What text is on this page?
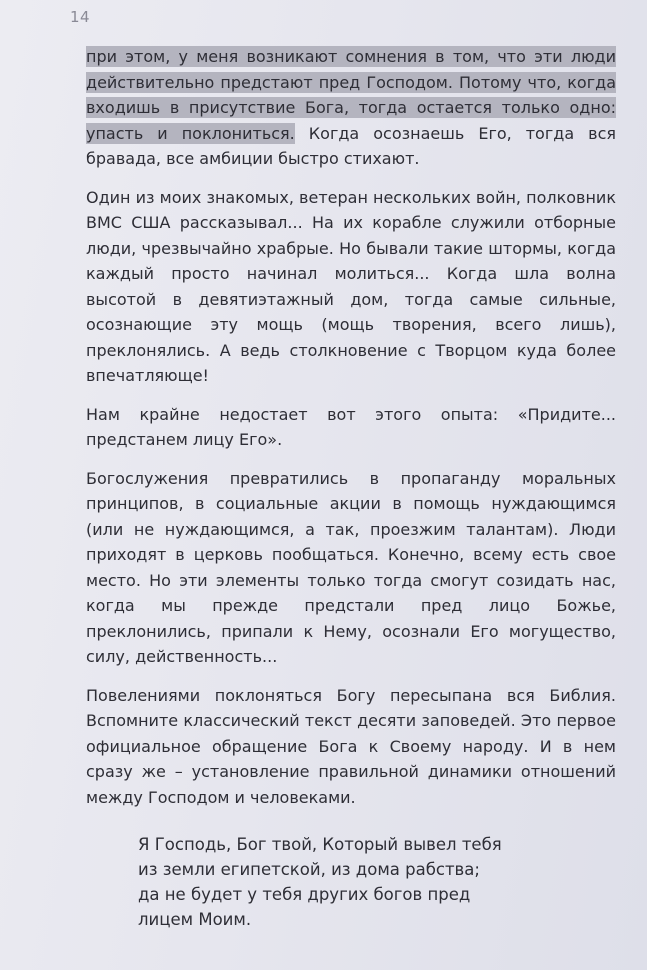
14

при этом, у меня возникают сомнения в том, что эти люди действительно предстают пред Господом. Потому что, когда входишь в присутствие Бога, тогда остается только одно: упасть и поклониться. Когда осознаешь Его, тогда вся бравада, все амбиции быстро стихают.

Один из моих знакомых, ветеран нескольких войн, полковник ВМС США рассказывал... На их корабле служили отборные люди, чрезвычайно храбрые. Но бывали такие штормы, когда каждый просто начинал молиться... Когда шла волна высотой в девятиэтажный дом, тогда самые сильные, осознающие эту мощь (мощь творения, всего лишь), преклонялись. А ведь столкновение с Творцом куда более впечатляюще!

Нам крайне недостает вот этого опыта: «Придите... предстанем лицу Его».

Богослужения превратились в пропаганду моральных принципов, в социальные акции в помощь нуждающимся (или не нуждающимся, а так, проезжим талантам). Люди приходят в церковь пообщаться. Конечно, всему есть свое место. Но эти элементы только тогда смогут созидать нас, когда мы прежде предстали пред лицо Божье, преклонились, припали к Нему, осознали Его могущество, силу, действенность...

Повелениями поклоняться Богу пересыпана вся Библия. Вспомните классический текст десяти заповедей. Это первое официальное обращение Бога к Своему народу. И в нем сразу же – установление правильной динамики отношений между Господом и человеками.

Я Господь, Бог твой, Который вывел тебя
из земли египетской, из дома рабства;
да не будет у тебя других богов пред
лицем Моим.
